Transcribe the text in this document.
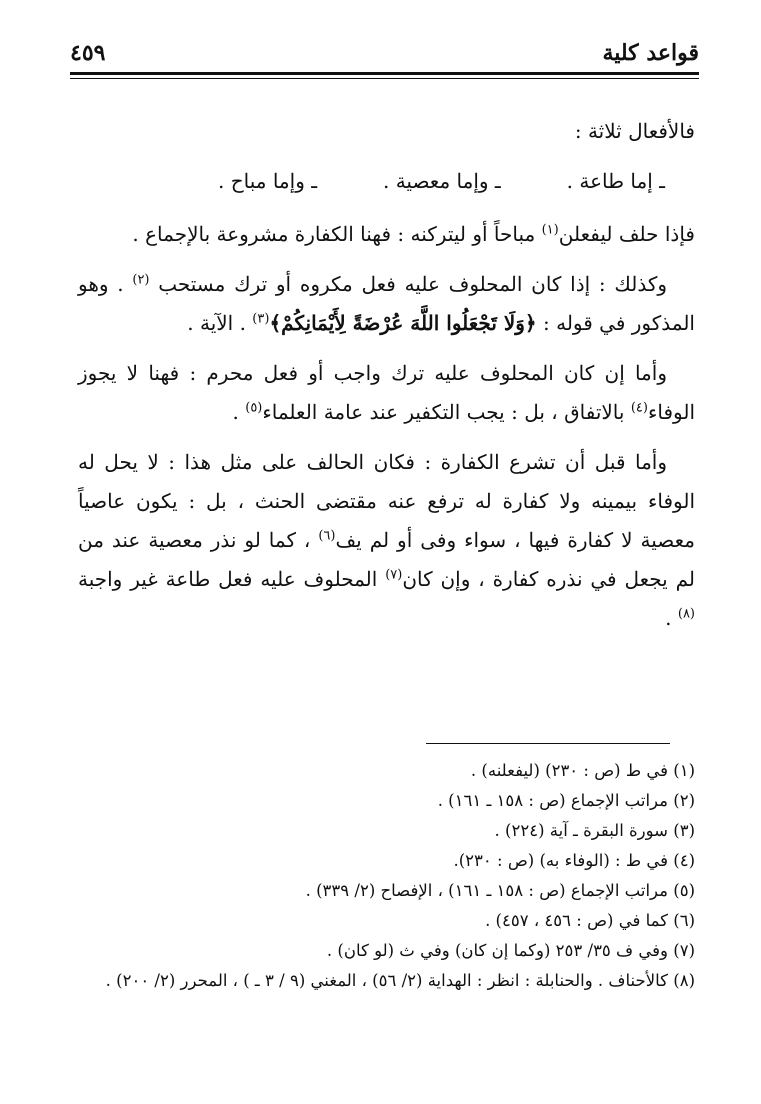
قواعد كلية
٤٥٩

فالأفعال ثلاثة :

ـ إما طاعة .
ـ وإما معصية .
ـ وإما مباح .

فإذا حلف ليفعلن$^{(١)}$ مباحاً أو ليتركنه : فهنا الكفارة مشروعة بالإجماع .

وكذلك : إذا كان المحلوف عليه فعل مكروه أو ترك مستحب $^{(٢)}$ . وهو المذكور في قوله : ﴿وَلَا تَجْعَلُوا اللَّهَ عُرْضَةً لِأَيْمَانِكُمْ﴾$^{(٣)}$ . الآية .

وأما إن كان المحلوف عليه ترك واجب أو فعل محرم : فهنا لا يجوز الوفاء$^{(٤)}$ بالاتفاق ، بل : يجب التكفير عند عامة العلماء$^{(٥)}$ .

وأما قبل أن تشرع الكفارة : فكان الحالف على مثل هذا : لا يحل له الوفاء بيمينه ولا كفارة له ترفع عنه مقتضى الحنث ، بل : يكون عاصياً معصية لا كفارة فيها ، سواء وفى أو لم يف$^{(٦)}$ ، كما لو نذر معصية عند من لم يجعل في نذره كفارة ، وإن كان$^{(٧)}$ المحلوف عليه فعل طاعة غير واجبة $^{(٨)}$ .

(١) في ط (ص : ٢٣٠) (ليفعلنه) .

(٢) مراتب الإجماع (ص : ١٥٨ ـ ١٦١) .

(٣) سورة البقرة ـ آية (٢٢٤) .

(٤) في ط : (الوفاء به) (ص : ٢٣٠).

(٥) مراتب الإجماع (ص : ١٥٨ ـ ١٦١) ، الإفصاح (٢/ ٣٣٩) .

(٦) كما في (ص : ٤٥٦ ، ٤٥٧) .

(٧) وفي ف ٣٥/ ٢٥٣ (وكما إن كان) وفي ث (لو كان) .

(٨) كالأحناف . والحنابلة : انظر : الهداية (٢/ ٥٦) ، المغني (٩ / ٣ ـ ) ، المحرر (٢/ ٢٠٠) .
